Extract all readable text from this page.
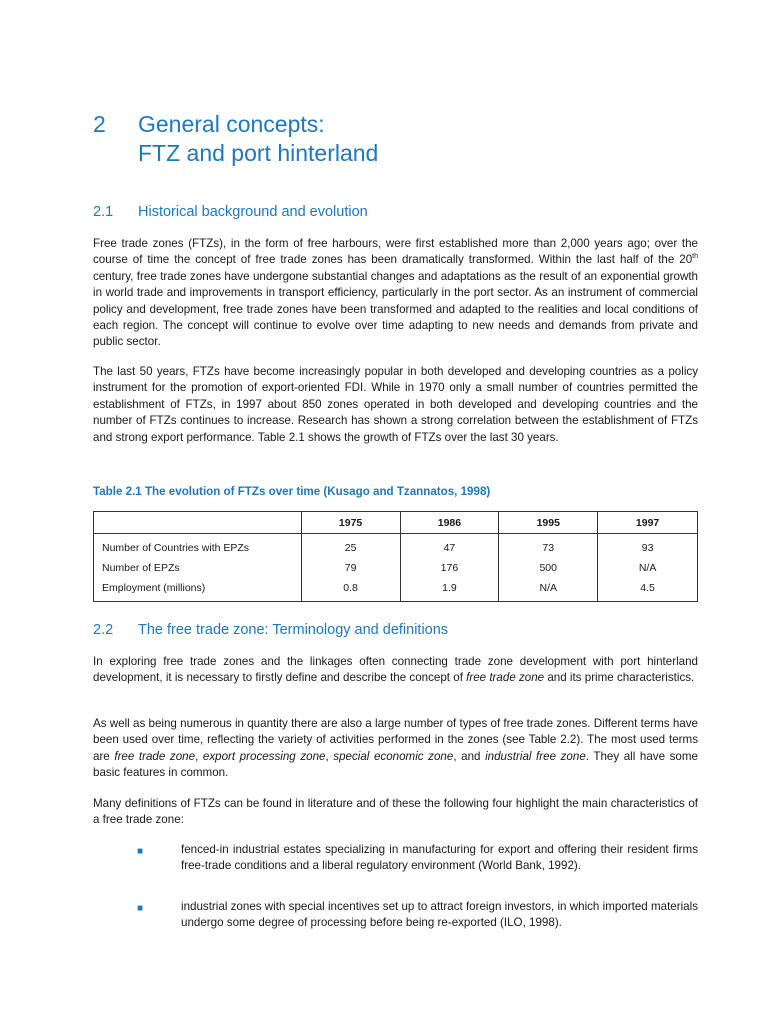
2 General concepts:
FTZ and port hinterland
2.1 Historical background and evolution

Free trade zones (FTZs), in the form of free harbours, were first established more than 2,000 years ago; over the course of time the concept of free trade zones has been dramatically transformed. Within the last half of the 20th century, free trade zones have undergone substantial changes and adaptations as the result of an exponential growth in world trade and improvements in transport efficiency, particularly in the port sector. As an instrument of commercial policy and development, free trade zones have been transformed and adapted to the realities and local conditions of each region. The concept will continue to evolve over time adapting to new needs and demands from private and public sector.

The last 50 years, FTZs have become increasingly popular in both developed and developing countries as a policy instrument for the promotion of export-oriented FDI. While in 1970 only a small number of countries permitted the establishment of FTZs, in 1997 about 850 zones operated in both developed and developing countries and the number of FTZs continues to increase. Research has shown a strong correlation between the establishment of FTZs and strong export performance. Table 2.1 shows the growth of FTZs over the last 30 years.

Table 2.1 The evolution of FTZs over time (Kusago and Tzannatos, 1998)
	1975	1986	1995	1997
Number of Countries with EPZs	25	47	73	93
Number of EPZs	79	176	500	N/A
Employment (millions)	0.8	1.9	N/A	4.5
2.2 The free trade zone: Terminology and definitions

In exploring free trade zones and the linkages often connecting trade zone development with port hinterland development, it is necessary to firstly define and describe the concept of free trade zone and its prime characteristics.

As well as being numerous in quantity there are also a large number of types of free trade zones. Different terms have been used over time, reflecting the variety of activities performed in the zones (see Table 2.2). The most used terms are free trade zone, export processing zone, special economic zone, and industrial free zone. They all have some basic features in common.

Many definitions of FTZs can be found in literature and of these the following four highlight the main characteristics of a free trade zone:

■	fenced-in industrial estates specializing in manufacturing for export and offering their resident firms free-trade conditions and a liberal regulatory environment (World Bank, 1992).

■	industrial zones with special incentives set up to attract foreign investors, in which imported materials undergo some degree of processing before being re-exported (ILO, 1998).
